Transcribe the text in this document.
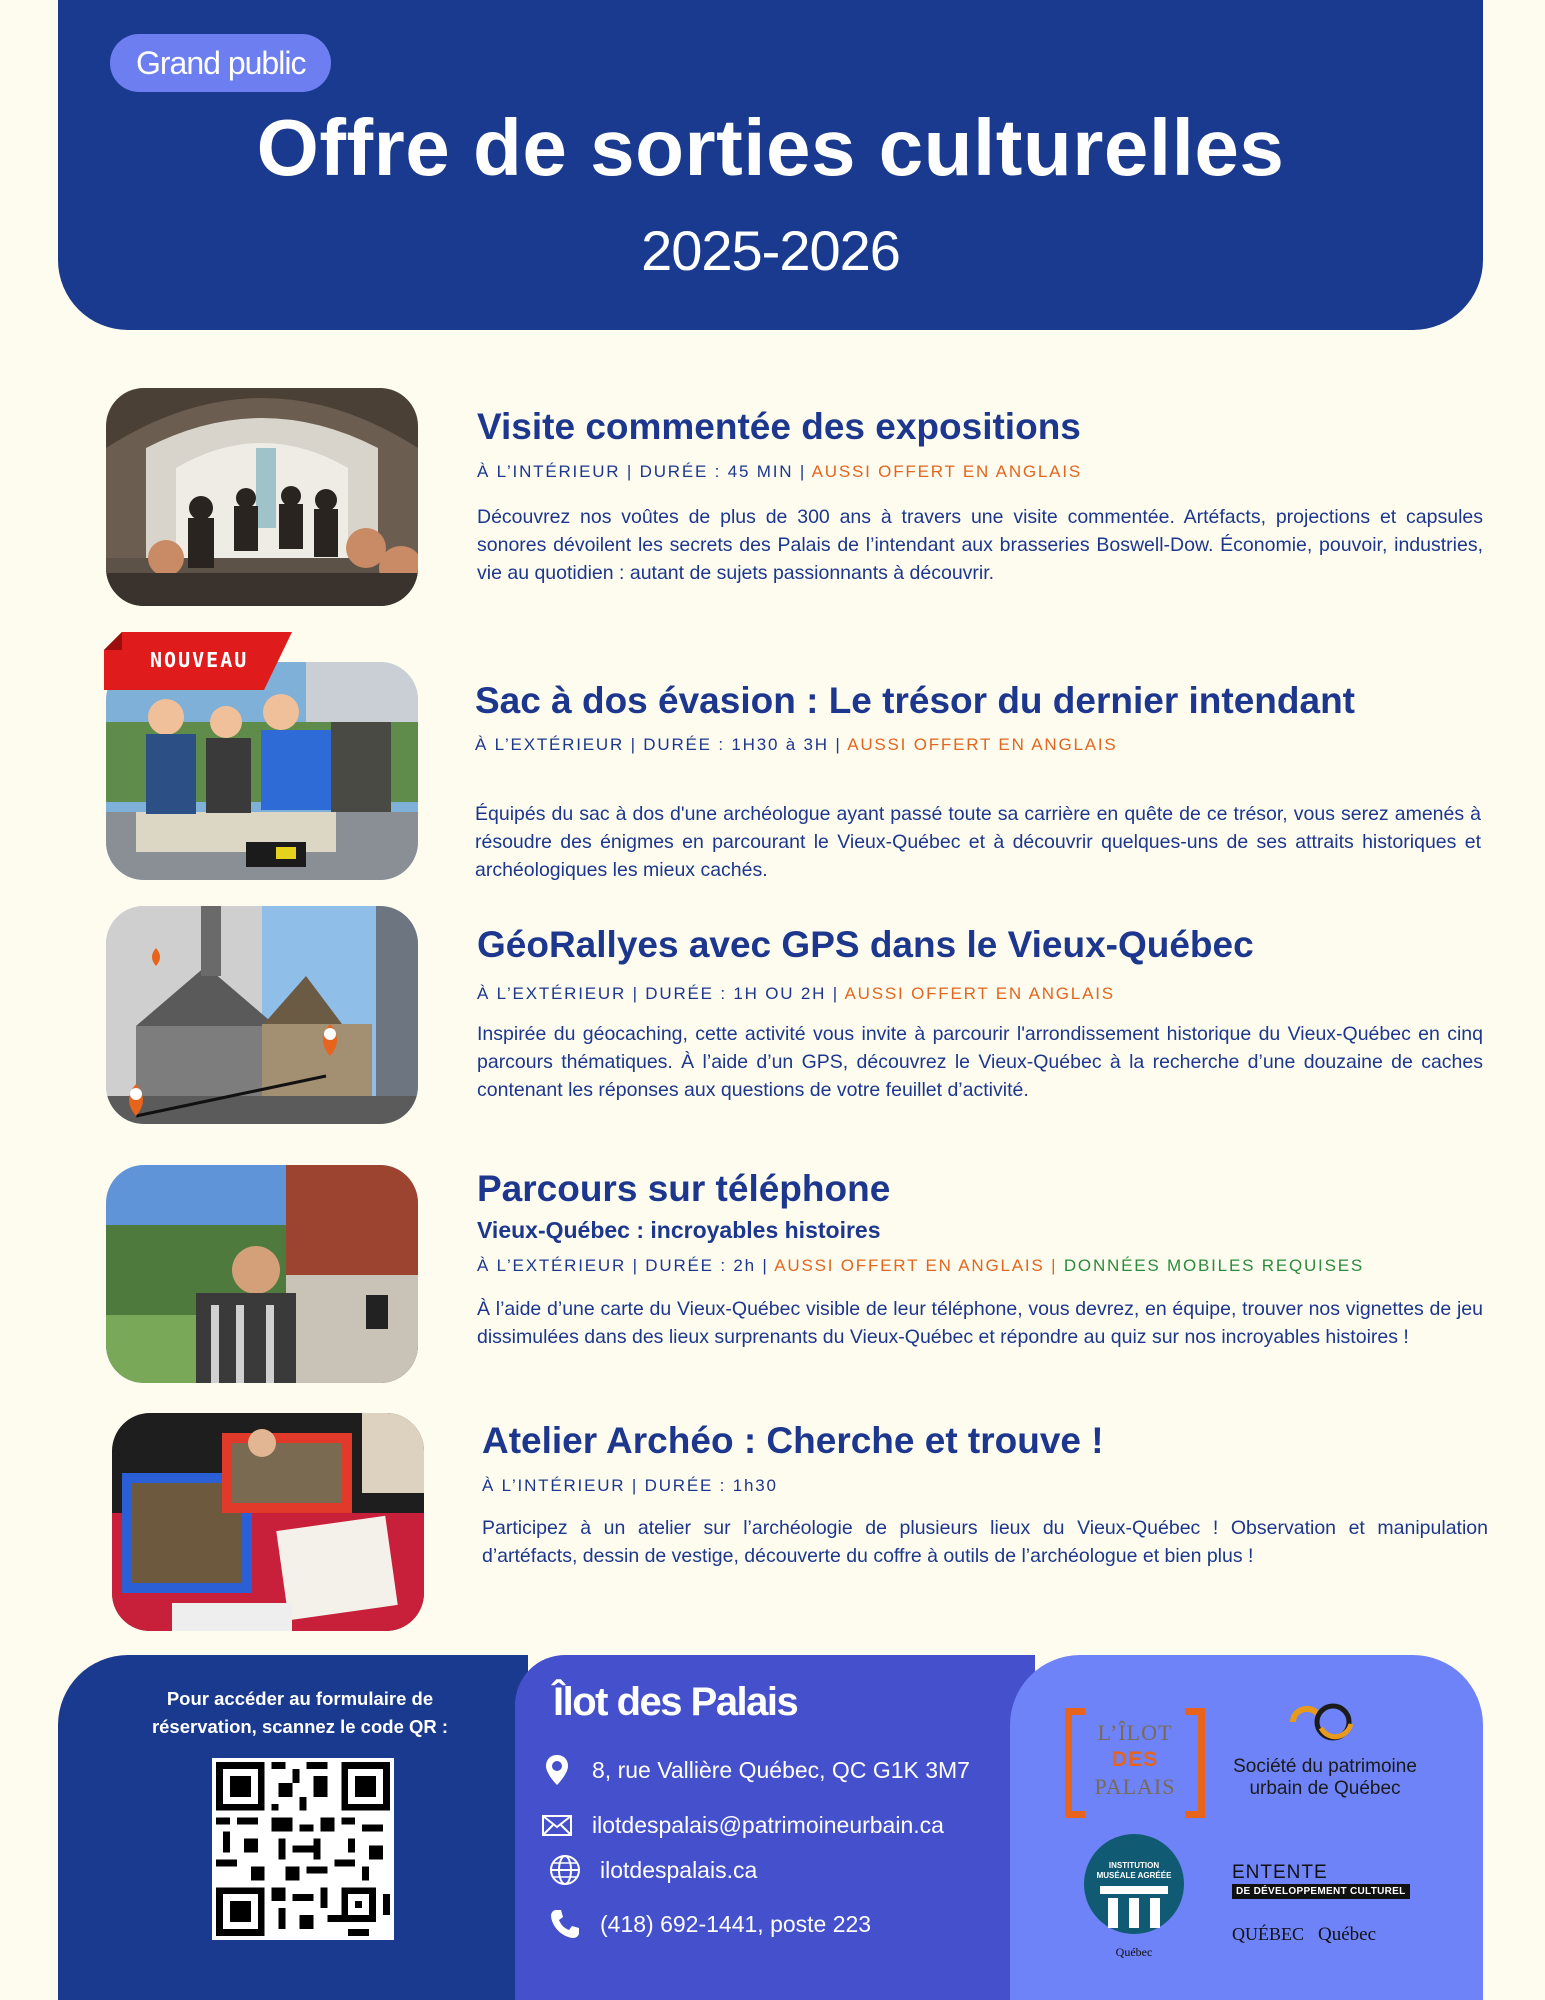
Grand public
Offre de sorties culturelles
2025-2026
Visite commentée des expositions
À L’INTÉRIEUR | DURÉE : 45 MIN | AUSSI OFFERT EN ANGLAIS
Découvrez nos voûtes de plus de 300 ans à travers une visite commentée. Artéfacts, projections et capsules sonores dévoilent les secrets des Palais de l’intendant aux brasseries Boswell-Dow. Économie, pouvoir, industries, vie au quotidien : autant de sujets passionnants à découvrir.
NOUVEAU
Sac à dos évasion : Le trésor du dernier intendant
À L’EXTÉRIEUR | DURÉE : 1H30 à 3H | AUSSI OFFERT EN ANGLAIS
Équipés du sac à dos d'une archéologue ayant passé toute sa carrière en quête de ce trésor, vous serez amenés à résoudre des énigmes en parcourant le Vieux-Québec et à découvrir quelques-uns de ses attraits historiques et archéologiques les mieux cachés.
GéoRallyes avec GPS dans le Vieux-Québec
À L’EXTÉRIEUR | DURÉE : 1H OU 2H | AUSSI OFFERT EN ANGLAIS
Inspirée du géocaching, cette activité vous invite à parcourir l'arrondissement historique du Vieux-Québec en cinq parcours thématiques. À l’aide d’un GPS, découvrez le Vieux-Québec à la recherche d’une douzaine de caches contenant les réponses aux questions de votre feuillet d’activité.
Parcours sur téléphone
Vieux-Québec : incroyables histoires
À L’EXTÉRIEUR | DURÉE : 2h | AUSSI OFFERT EN ANGLAIS | DONNÉES MOBILES REQUISES
À l’aide d’une carte du Vieux-Québec visible de leur téléphone, vous devrez, en équipe, trouver nos vignettes de jeu dissimulées dans des lieux surprenants du Vieux-Québec et répondre au quiz sur nos incroyables histoires !
Atelier Archéo : Cherche et trouve !
À L’INTÉRIEUR | DURÉE : 1h30
Participez à un atelier sur l’archéologie de plusieurs lieux du Vieux-Québec ! Observation et manipulation d’artéfacts, dessin de vestige, découverte du coffre à outils de l’archéologue et bien plus !
Pour accéder au formulaire de réservation, scannez le code QR :
Îlot des Palais
8, rue Vallière Québec, QC G1K 3M7
ilotdespalais@patrimoineurbain.ca
ilotdespalais.ca
(418) 692-1441, poste 223
L’ÎLOT
DES
PALAIS
Société du patrimoine
urbain de Québec
INSTITUTION
MUSÉALE AGRÉÉE
Québec
ENTENTE
DE DÉVELOPPEMENT CULTUREL
QUÉBEC Québec
